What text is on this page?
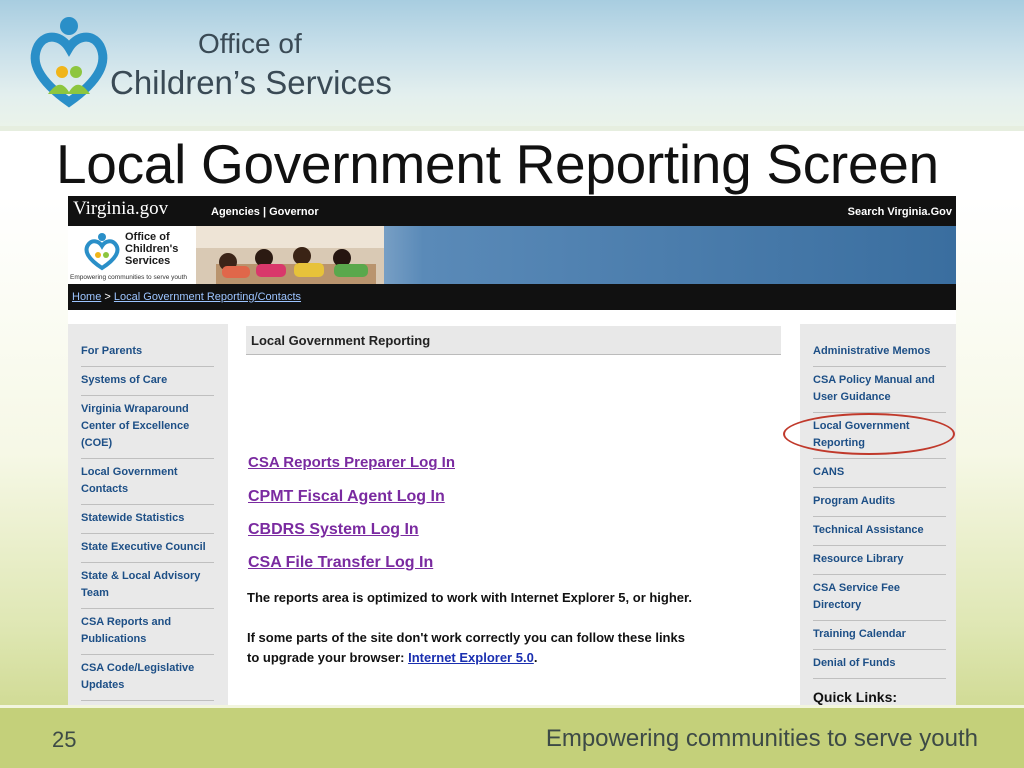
Office of
Children’s Services
Local Government Reporting Screen
Virginia.gov	Agencies | Governor	Search Virginia.Gov
Office of
Children's
Services
Empowering communities to serve youth
Home > Local Government Reporting/Contacts
For Parents
Systems of Care
Virginia Wraparound Center of Excellence (COE)
Local Government Contacts
Statewide Statistics
State Executive Council
State & Local Advisory Team
CSA Reports and Publications
CSA Code/Legislative Updates
Local Government Reporting
CSA Reports Preparer Log In
CPMT Fiscal Agent Log In
CBDRS System Log In
CSA File Transfer Log In
The reports area is optimized to work with Internet Explorer 5, or higher.
If some parts of the site don't work correctly you can follow these links
to upgrade your browser: Internet Explorer 5.0.
Administrative Memos
CSA Policy Manual and User Guidance
Local Government Reporting
CANS
Program Audits
Technical Assistance
Resource Library
CSA Service Fee Directory
Training Calendar
Denial of Funds
Quick Links:
25	Empowering communities to serve youth
